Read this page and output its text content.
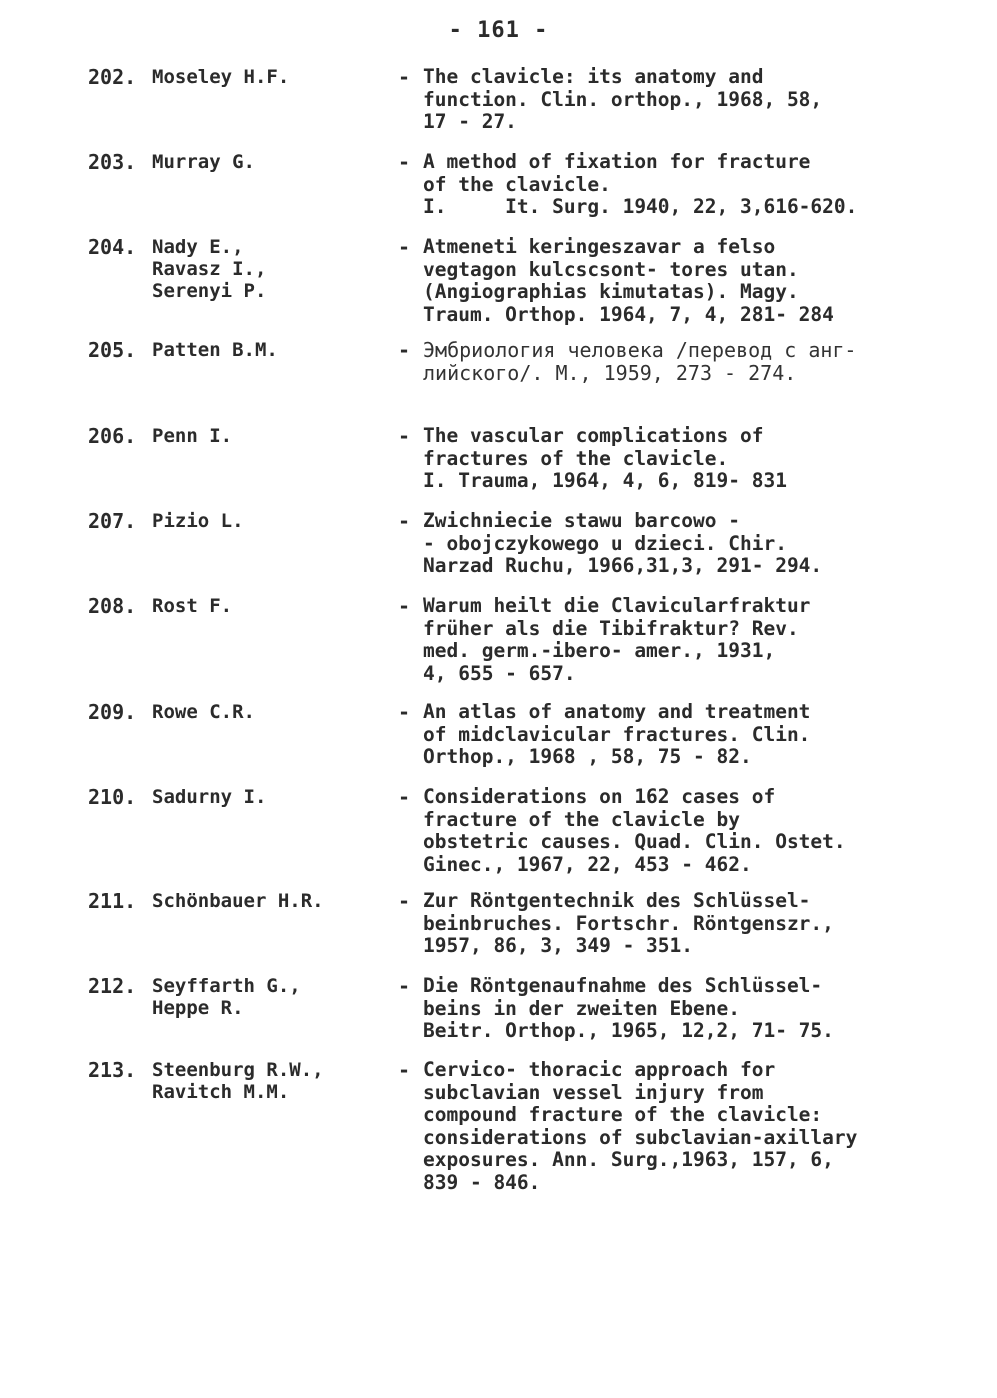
- 161 -
202. Moseley H.F.	- The clavicle: its anatomy and
function. Clin. orthop., 1968, 58,
17 - 27.
203. Murray G.	- A method of fixation for fracture
of the clavicle.
I.     It. Surg. 1940, 22, 3,616-620.
204. Nady E.,
Ravasz I.,
Serenyi P.
- Atmeneti keringeszavar a felso
vegtagon kulcscsont- tores utan.
(Angiographias kimutatas). Magy.
Traum. Orthop. 1964, 7, 4, 281- 284
205. Patten B.M.	- Эмбриология человека /перевод с анг-
лийского/. М., 1959, 273 - 274.
206. Penn I.	- The vascular complications of
fractures of the clavicle.
I. Trauma, 1964, 4, 6, 819- 831
207. Pizio L.	- Zwichniecie stawu barcowo -
- obojczykowego u dzieci. Chir.
Narzad Ruchu, 1966,31,3, 291- 294.
208. Rost F.	- Warum heilt die Clavicularfraktur
früher als die Tibifraktur? Rev.
med. germ.-ibero- amer., 1931,
4, 655 - 657.
209. Rowe C.R.	- An atlas of anatomy and treatment
of midclavicular fractures. Clin.
Orthop., 1968 , 58, 75 - 82.
210. Sadurny I.	- Considerations on 162 cases of
fracture of the clavicle by
obstetric causes. Quad. Clin. Ostet.
Ginec., 1967, 22, 453 - 462.
211. Schönbauer H.R.	- Zur Röntgentechnik des Schlüssel-
beinbruches. Fortschr. Röntgenszr.,
1957, 86, 3, 349 - 351.
212. Seyffarth G.,
Heppe R.
- Die Röntgenaufnahme des Schlüssel-
beins in der zweiten Ebene.
Beitr. Orthop., 1965, 12,2, 71- 75.
213. Steenburg R.W.,
Ravitch M.M.
- Cervico- thoracic approach for
subclavian vessel injury from
compound fracture of the clavicle:
considerations of subclavian-axillary
exposures. Ann. Surg.,1963, 157, 6,
839 - 846.
